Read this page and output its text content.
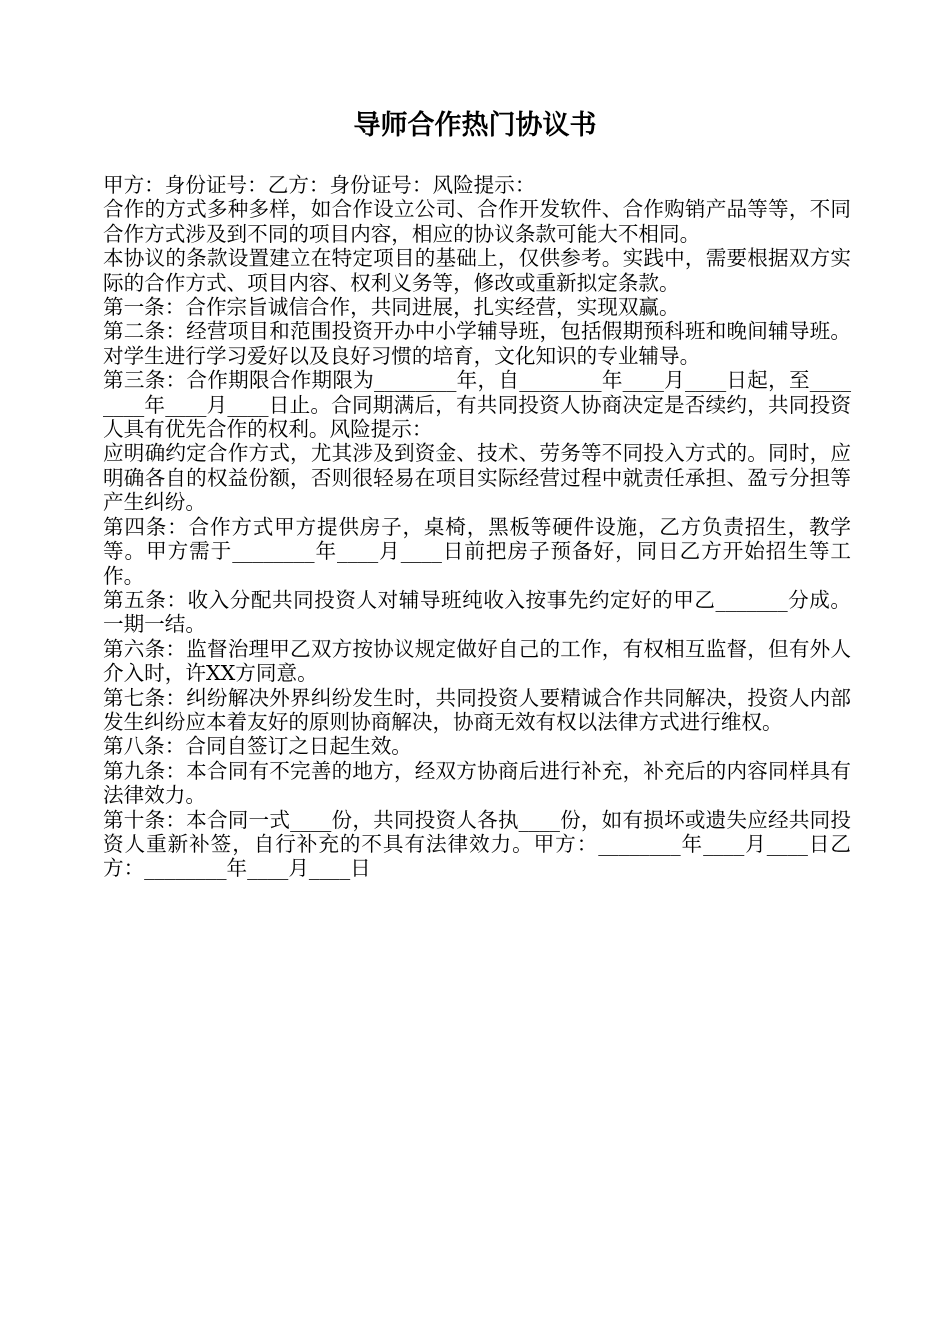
导师合作热门协议书

甲方：身份证号：乙方：身份证号：风险提示：

合作的方式多种多样，如合作设立公司、合作开发软件、合作购销产品等等，不同合作方式涉及到不同的项目内容，相应的协议条款可能大不相同。

本协议的条款设置建立在特定项目的基础上，仅供参考。实践中，需要根据双方实际的合作方式、项目内容、权利义务等，修改或重新拟定条款。

第一条：合作宗旨诚信合作，共同进展，扎实经营，实现双赢。

第二条：经营项目和范围投资开办中小学辅导班，包括假期预科班和晚间辅导班。对学生进行学习爱好以及良好习惯的培育，文化知识的专业辅导。

第三条：合作期限合作期限为________年，自________年____月____日起，至________年____月____日止。合同期满后，有共同投资人协商决定是否续约，共同投资人具有优先合作的权利。风险提示：

应明确约定合作方式，尤其涉及到资金、技术、劳务等不同投入方式的。同时，应明确各自的权益份额，否则很轻易在项目实际经营过程中就责任承担、盈亏分担等产生纠纷。

第四条：合作方式甲方提供房子，桌椅，黑板等硬件设施，乙方负责招生，教学等。甲方需于________年____月____日前把房子预备好，同日乙方开始招生等工作。

第五条：收入分配共同投资人对辅导班纯收入按事先约定好的甲乙_______分成。一期一结。

第六条：监督治理甲乙双方按协议规定做好自己的工作，有权相互监督，但有外人介入时，许XX方同意。

第七条：纠纷解决外界纠纷发生时，共同投资人要精诚合作共同解决，投资人内部发生纠纷应本着友好的原则协商解决，协商无效有权以法律方式进行维权。

第八条：合同自签订之日起生效。

第九条：本合同有不完善的地方，经双方协商后进行补充，补充后的内容同样具有法律效力。

第十条：本合同一式____份，共同投资人各执____份，如有损坏或遗失应经共同投资人重新补签，自行补充的不具有法律效力。甲方：________年____月____日乙方：________年____月____日
